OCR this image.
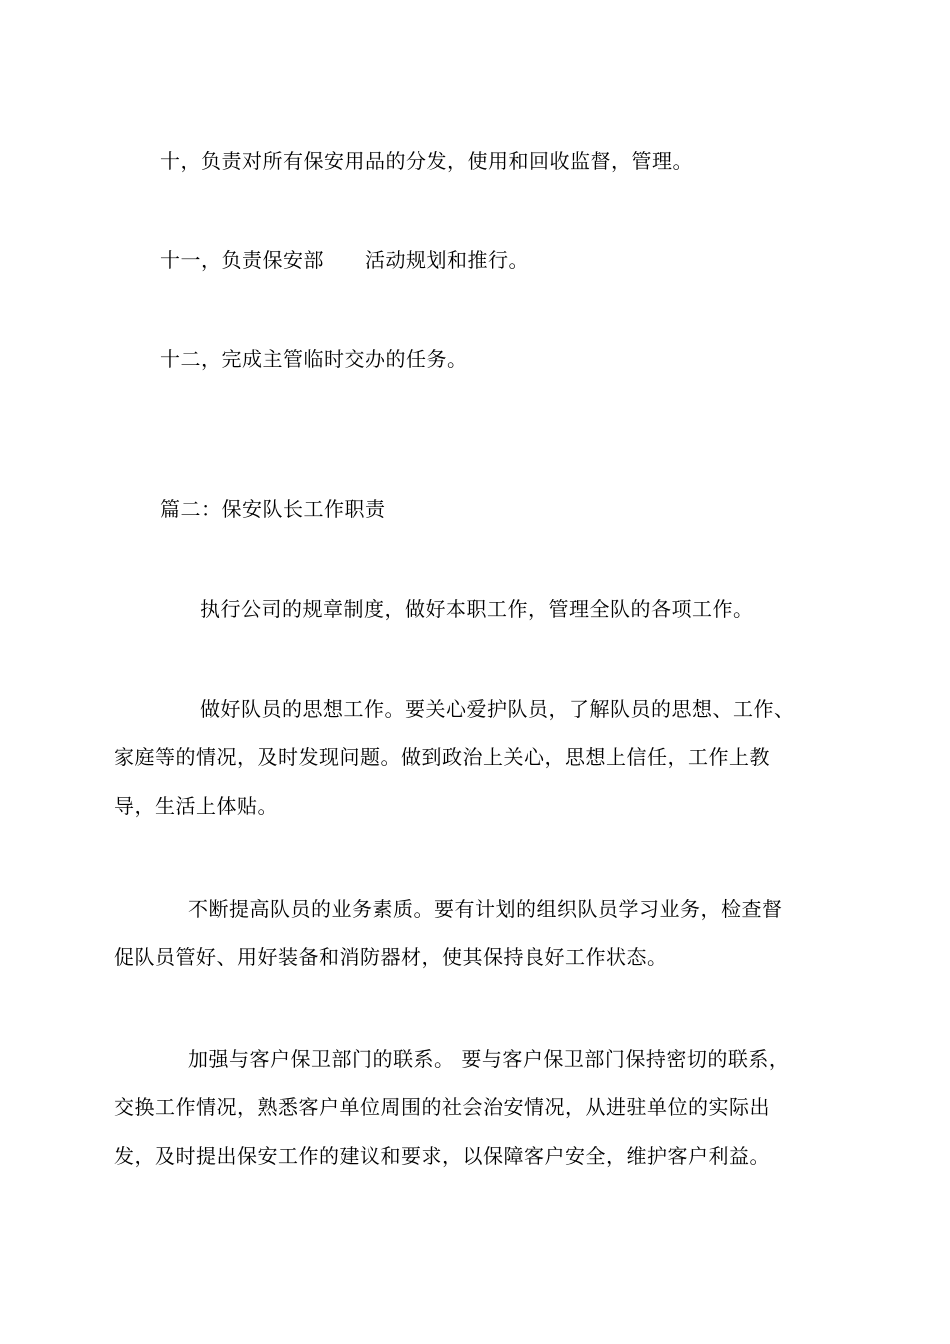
十，负责对所有保安用品的分发，使用和回收监督，管理。
十一，负责保安部　　活动规划和推行。
十二，完成主管临时交办的任务。
篇二：保安队长工作职责
执行公司的规章制度，做好本职工作，管理全队的各项工作。
做好队员的思想工作。要关心爱护队员，了解队员的思想、工作、
家庭等的情况，及时发现问题。做到政治上关心，思想上信任，工作上教
导，生活上体贴。
不断提高队员的业务素质。要有计划的组织队员学习业务，检查督
促队员管好、用好装备和消防器材，使其保持良好工作状态。
加强与客户保卫部门的联系。 要与客户保卫部门保持密切的联系，
交换工作情况，熟悉客户单位周围的社会治安情况，从进驻单位的实际出
发，及时提出保安工作的建议和要求，以保障客户安全，维护客户利益。
